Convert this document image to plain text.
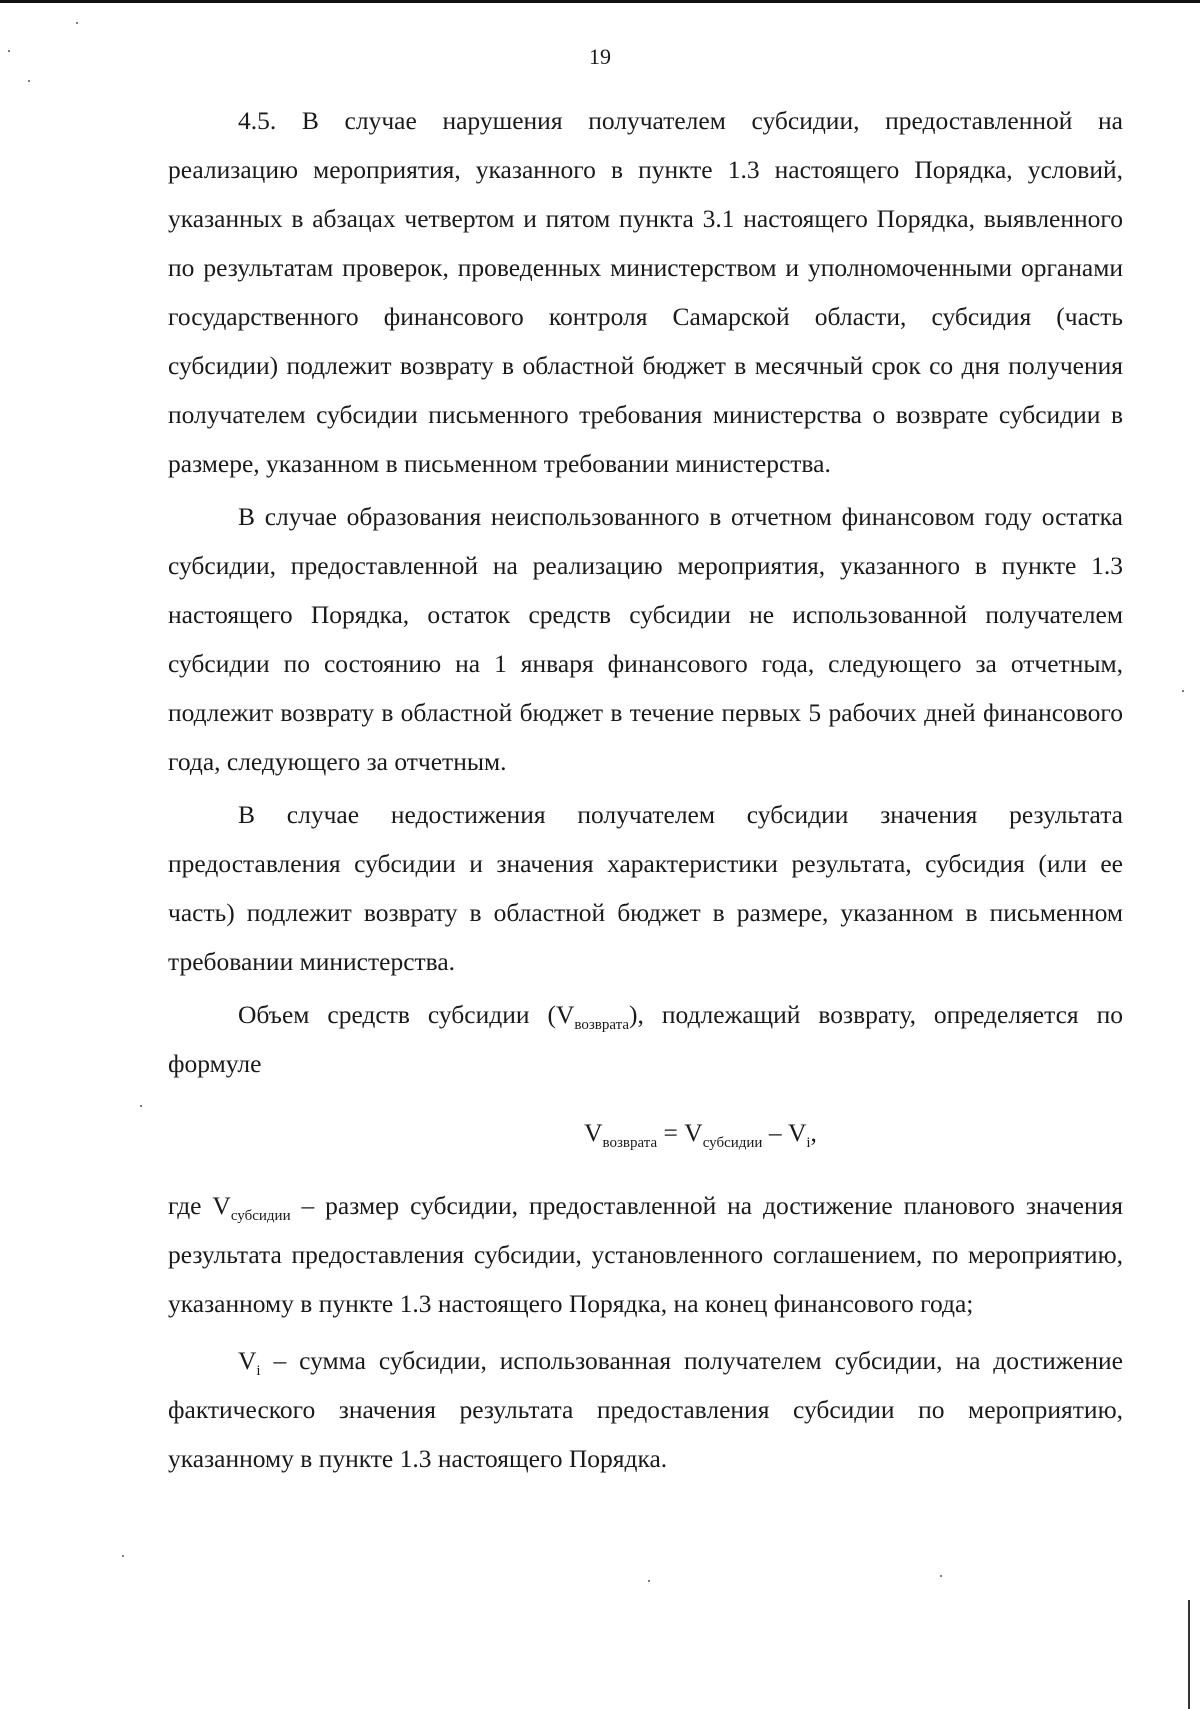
19

4.5. В случае нарушения получателем субсидии, предоставленной на реализацию мероприятия, указанного в пункте 1.3 настоящего Порядка, условий, указанных в абзацах четвертом и пятом пункта 3.1 настоящего Порядка, выявленного по результатам проверок, проведенных министерством и уполномоченными органами государственного финансового контроля Самарской области, субсидия (часть субсидии) подлежит возврату в областной бюджет в месячный срок со дня получения получателем субсидии письменного требования министерства о возврате субсидии в размере, указанном в письменном требовании министерства.

В случае образования неиспользованного в отчетном финансовом году остатка субсидии, предоставленной на реализацию мероприятия, указанного в пункте 1.3 настоящего Порядка, остаток средств субсидии не использованной получателем субсидии по состоянию на 1 января финансового года, следующего за отчетным, подлежит возврату в областной бюджет в течение первых 5 рабочих дней финансового года, следующего за отчетным.

В случае недостижения получателем субсидии значения результата предоставления субсидии и значения характеристики результата, субсидия (или ее часть) подлежит возврату в областной бюджет в размере, указанном в письменном требовании министерства.

Объем средств субсидии $(V_{возврата})$, подлежащий возврату, определяется по формуле

$V_{возврата} = V_{субсидии} - V_i$,

где $V_{субсидии}$ – размер субсидии, предоставленной на достижение планового значения результата предоставления субсидии, установленного соглашением, по мероприятию, указанному в пункте 1.3 настоящего Порядка, на конец финансового года;

$V_i$ – сумма субсидии, использованная получателем субсидии, на достижение фактического значения результата предоставления субсидии по мероприятию, указанному в пункте 1.3 настоящего Порядка.
